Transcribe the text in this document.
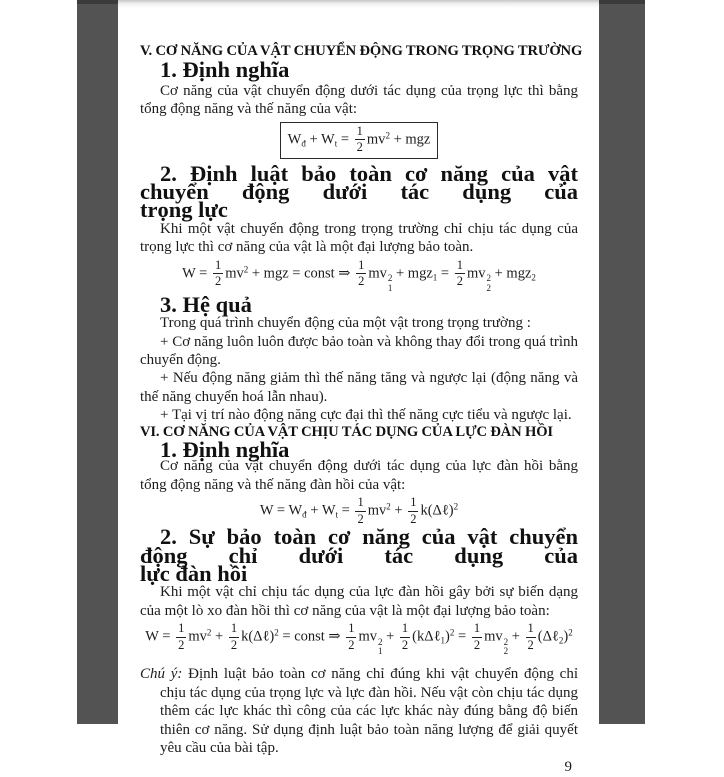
V. CƠ NĂNG CỦA VẬT CHUYỂN ĐỘNG TRONG TRỌNG TRƯỜNG
1. Định nghĩa

Cơ năng của vật chuyển động dưới tác dụng của trọng lực thì bằng tổng động năng và thế năng của vật:

$W_đ + W_t = \frac{1}{2} mv^2$ + mgz
2. Định luật bảo toàn cơ năng của vật chuyển động dưới tác dụng của
trọng lực

Khi một vật chuyển động trong trọng trường chỉ chịu tác dụng của trọng lực thì cơ năng của vật là một đại lượng bảo toàn.

$W = \frac{1}{2} mv^2$ + mgz = const ⇒ $\frac{1}{2}$ mv 2
1
+ $mgz_1 = \frac{1}{2}$ mv 2
2
+ mgz$_2$
3. Hệ quả

Trong quá trình chuyển động của một vật trong trọng trường :

+ Cơ năng luôn luôn được bảo toàn và không thay đổi trong quá trình chuyển động.

+ Nếu động năng giảm thì thế năng tăng và ngược lại (động năng và thế năng chuyển hoá lẫn nhau).

+ Tại vị trí nào động năng cực đại thì thế năng cực tiểu và ngược lại.

VI. CƠ NĂNG CỦA VẬT CHỊU TÁC DỤNG CỦA LỰC ĐÀN HỒI
1. Định nghĩa

Cơ năng của vật chuyển động dưới tác dụng của lực đàn hồi bằng tổng động năng và thế năng đàn hồi của vật:

$W = W_đ + W_t = \frac{1}{2} mv^2 + \frac{1}{2}$ k(Δℓ)$^2$
2. Sự bảo toàn cơ năng của vật chuyển động chỉ dưới tác dụng của
lực đàn hồi

Khi một vật chỉ chịu tác dụng của lực đàn hồi gây bởi sự biến dạng của một lò xo đàn hồi thì cơ năng của vật là một đại lượng bảo toàn:

$W = \frac{1}{2} mv^2 + \frac{1}{2}$ k(Δℓ)$^2$ = const ⇒ $\frac{1}{2}$ mv 2
1
+ $\frac{1}{2}$ (kΔℓ$_1$)$^2$ = $\frac{1}{2}$ mv 2
2
+ $\frac{1}{2}$ (Δℓ$_2$)$^2$

Chú ý: Định luật bảo toàn cơ năng chỉ đúng khi vật chuyển động chỉ chịu tác dụng của trọng lực và lực đàn hồi. Nếu vật còn chịu tác dụng thêm các lực khác thì công của các lực khác này đúng bằng độ biến thiên cơ năng. Sử dụng định luật bảo toàn năng lượng để giải quyết yêu cầu của bài tập.

9
